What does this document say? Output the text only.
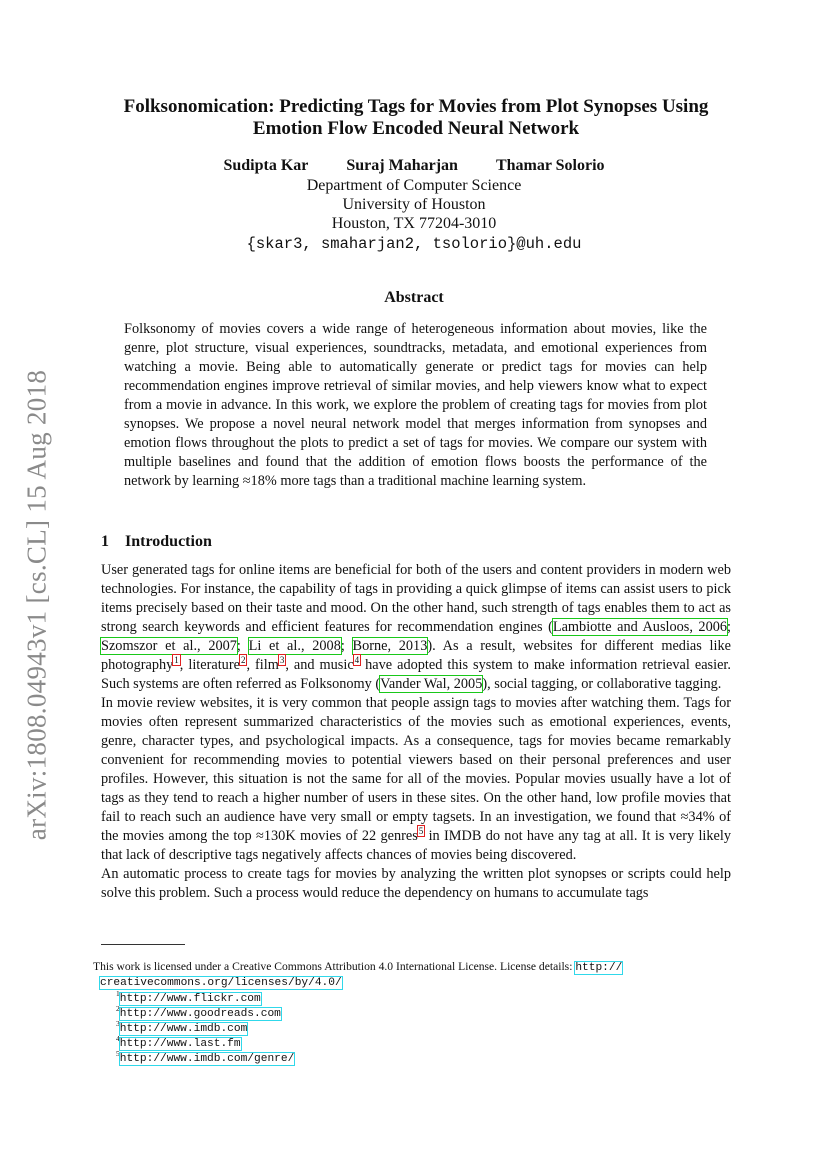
arXiv:1808.04943v1 [cs.CL] 15 Aug 2018
Folksonomication: Predicting Tags for Movies from Plot Synopses Using
Emotion Flow Encoded Neural Network
Sudipta Kar Suraj Maharjan Thamar Solorio
Department of Computer Science
University of Houston
Houston, TX 77204-3010
{skar3, smaharjan2, tsolorio}@uh.edu
Abstract
Folksonomy of movies covers a wide range of heterogeneous information about movies, like the genre, plot structure, visual experiences, soundtracks, metadata, and emotional experiences from watching a movie. Being able to automatically generate or predict tags for movies can help recommendation engines improve retrieval of similar movies, and help viewers know what to expect from a movie in advance. In this work, we explore the problem of creating tags for movies from plot synopses. We propose a novel neural network model that merges information from synopses and emotion flows throughout the plots to predict a set of tags for movies. We compare our system with multiple baselines and found that the addition of emotion flows boosts the performance of the network by learning ≈18% more tags than a traditional machine learning system.
1 Introduction

User generated tags for online items are beneficial for both of the users and content providers in modern web technologies. For instance, the capability of tags in providing a quick glimpse of items can assist users to pick items precisely based on their taste and mood. On the other hand, such strength of tags enables them to act as strong search keywords and efficient features for recommendation engines (Lambiotte and Ausloos, 2006; Szomszor et al., 2007; Li et al., 2008; Borne, 2013). As a result, websites for different medias like photography$^1$, literature$^2$, film$^3$, and music$^4$ have adopted this system to make information retrieval easier. Such systems are often referred as Folksonomy (Vander Wal, 2005), social tagging, or collaborative tagging.

In movie review websites, it is very common that people assign tags to movies after watching them. Tags for movies often represent summarized characteristics of the movies such as emotional experiences, events, genre, character types, and psychological impacts. As a consequence, tags for movies became remarkably convenient for recommending movies to potential viewers based on their personal preferences and user profiles. However, this situation is not the same for all of the movies. Popular movies usually have a lot of tags as they tend to reach a higher number of users in these sites. On the other hand, low profile movies that fail to reach such an audience have very small or empty tagsets. In an investigation, we found that ≈34% of the movies among the top ≈130K movies of 22 genres$^5$ in IMDB do not have any tag at all. It is very likely that lack of descriptive tags negatively affects chances of movies being discovered.

An automatic process to create tags for movies by analyzing the written plot synopses or scripts could help solve this problem. Such a process would reduce the dependency on humans to accumulate tags

This work is licensed under a Creative Commons Attribution 4.0 International License. License details: http://
creativecommons.org/licenses/by/4.0/
$^1$http://www.flickr.com
$^2$http://www.goodreads.com
$^3$http://www.imdb.com
$^4$http://www.last.fm
$^5$http://www.imdb.com/genre/
